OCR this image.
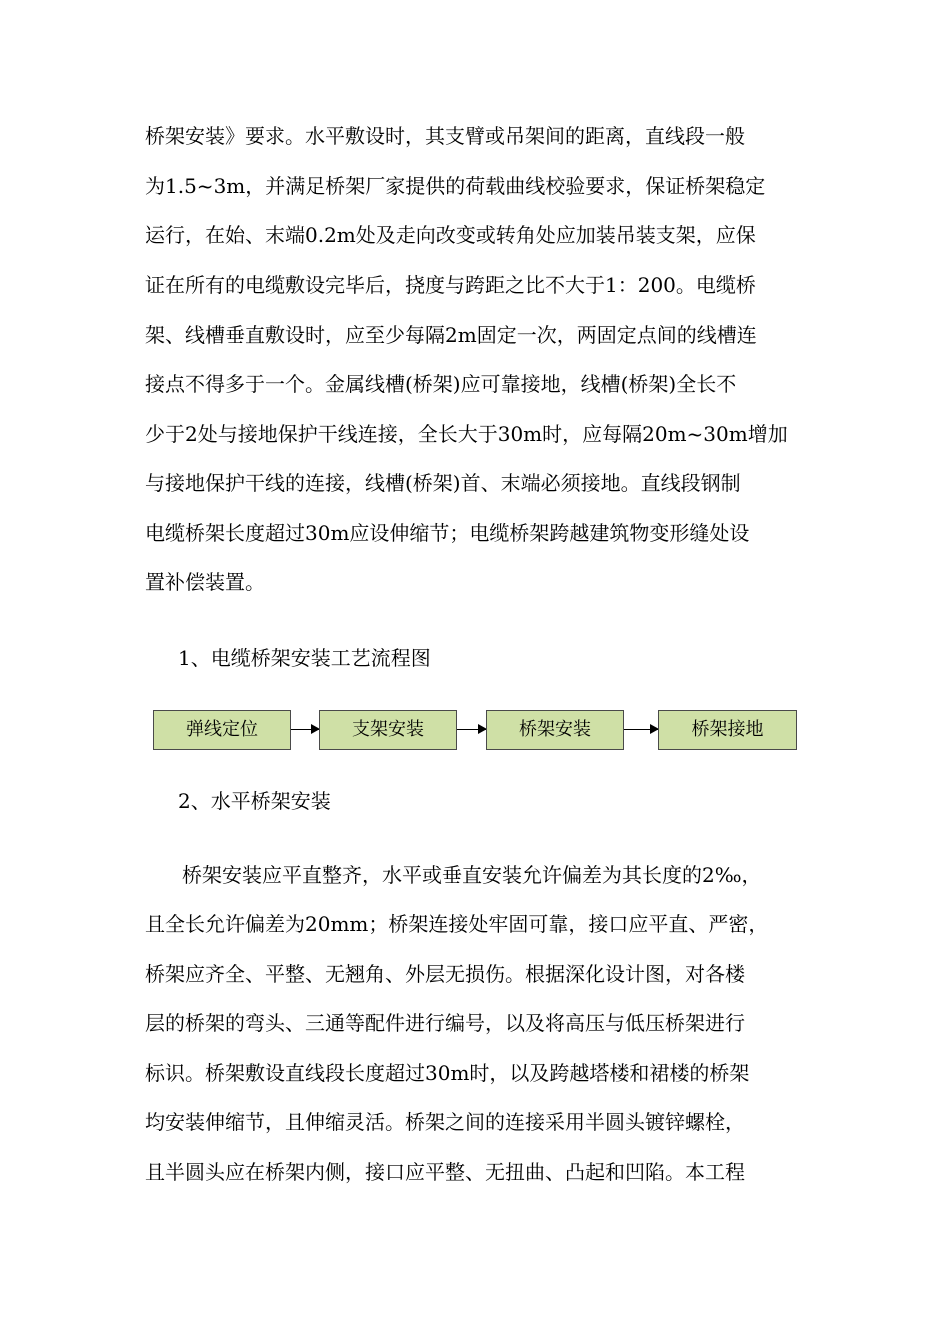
桥架安装》要求。水平敷设时，其支臂或吊架间的距离，直线段一般
为1.5~3m，并满足桥架厂家提供的荷载曲线校验要求，保证桥架稳定
运行，在始、末端0.2m处及走向改变或转角处应加装吊装支架，应保
证在所有的电缆敷设完毕后，挠度与跨距之比不大于1：200。电缆桥
架、线槽垂直敷设时，应至少每隔2m固定一次，两固定点间的线槽连
接点不得多于一个。金属线槽(桥架)应可靠接地，线槽(桥架)全长不
少于2处与接地保护干线连接，全长大于30m时，应每隔20m~30m增加
与接地保护干线的连接，线槽(桥架)首、末端必须接地。直线段钢制
电缆桥架长度超过30m应设伸缩节；电缆桥架跨越建筑物变形缝处设
置补偿装置。
1、电缆桥架安装工艺流程图
弹线定位	支架安装	桥架安装	桥架接地
2、水平桥架安装
桥架安装应平直整齐，水平或垂直安装允许偏差为其长度的2‰，
且全长允许偏差为20mm；桥架连接处牢固可靠，接口应平直、严密，
桥架应齐全、平整、无翘角、外层无损伤。根据深化设计图，对各楼
层的桥架的弯头、三通等配件进行编号，以及将高压与低压桥架进行
标识。桥架敷设直线段长度超过30m时，以及跨越塔楼和裙楼的桥架
均安装伸缩节，且伸缩灵活。桥架之间的连接采用半圆头镀锌螺栓，
且半圆头应在桥架内侧，接口应平整、无扭曲、凸起和凹陷。本工程
